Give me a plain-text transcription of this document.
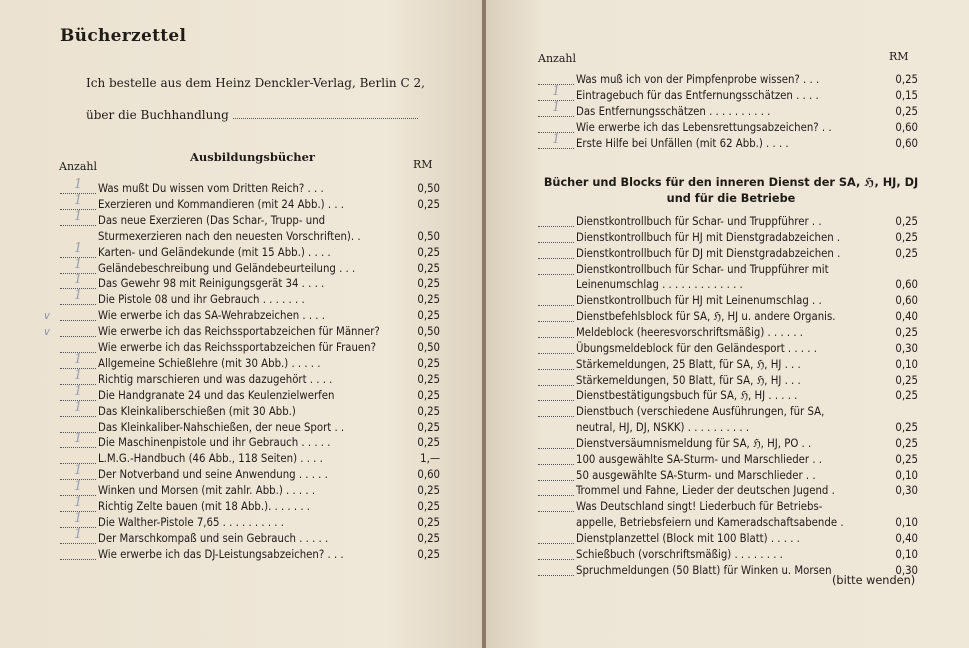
Bücherzettel
Ich bestelle aus dem Heinz Denckler-Verlag, Berlin C 2,
über die Buchhandlung
Anzahl
Ausbildungsbücher
RM
1 Was mußt Du wissen vom Dritten Reich? . . .	0,50
1 Exerzieren und Kommandieren (mit 24 Abb.) . . .	0,25
1 Das neue Exerzieren (Das Schar-, Trupp- und
Sturmexerzieren nach den neuesten Vorschriften). .	0,50
1 Karten- und Geländekunde (mit 15 Abb.) . . . .	0,25
1 Geländebeschreibung und Geländebeurteilung . . .	0,25
1 Das Gewehr 98 mit Reinigungsgerät 34 . . . .	0,25
1 Die Pistole 08 und ihr Gebrauch . . . . . . .	0,25
v	Wie erwerbe ich das SA-Wehrabzeichen . . . .	0,25
v	Wie erwerbe ich das Reichssportabzeichen für Männer?	0,50
Wie erwerbe ich das Reichssportabzeichen für Frauen?	0,50
1 Allgemeine Schießlehre (mit 30 Abb.) . . . . .	0,25
1 Richtig marschieren und was dazugehört . . . .	0,25
1 Die Handgranate 24 und das Keulenzielwerfen	0,25
1 Das Kleinkaliberschießen (mit 30 Abb.)	0,25
Das Kleinkaliber-Nahschießen, der neue Sport . .	0,25
1 Die Maschinenpistole und ihr Gebrauch . . . . .	0,25
L.M.G.-Handbuch (46 Abb., 118 Seiten) . . . .	1,—
1 Der Notverband und seine Anwendung . . . . .	0,60
1 Winken und Morsen (mit zahlr. Abb.) . . . . .	0,25
1 Richtig Zelte bauen (mit 18 Abb.). . . . . . .	0,25
1 Die Walther-Pistole 7,65 . . . . . . . . . .	0,25
1 Der Marschkompaß und sein Gebrauch . . . . .	0,25
Wie erwerbe ich das DJ-Leistungsabzeichen? . . .	0,25
Anzahl	RM
Was muß ich von der Pimpfenprobe wissen? . . .	0,25
1 Eintragebuch für das Entfernungsschätzen . . . .	0,15
1 Das Entfernungsschätzen . . . . . . . . . .	0,25
Wie erwerbe ich das Lebensrettungsabzeichen? . .	0,60
1 Erste Hilfe bei Unfällen (mit 62 Abb.) . . . .	0,60
Bücher und Blocks für den inneren Dienst der SA, ℌ, HJ, DJ
und für die Betriebe
Dienstkontrollbuch für Schar- und Truppführer . .	0,25
Dienstkontrollbuch für HJ mit Dienstgradabzeichen .	0,25
Dienstkontrollbuch für DJ mit Dienstgradabzeichen .	0,25
Dienstkontrollbuch für Schar- und Truppführer mit
Leinenumschlag . . . . . . . . . . . . .	0,60
Dienstkontrollbuch für HJ mit Leinenumschlag . .	0,60
Dienstbefehlsblock für SA, ℌ, HJ u. andere Organis.	0,40
Meldeblock (heeresvorschriftsmäßig) . . . . . .	0,25
Übungsmeldeblock für den Geländesport . . . . .	0,30
Stärkemeldungen, 25 Blatt, für SA, ℌ, HJ . . .	0,10
Stärkemeldungen, 50 Blatt, für SA, ℌ, HJ . . .	0,25
Dienstbestätigungsbuch für SA, ℌ, HJ . . . . .	0,25
Dienstbuch (verschiedene Ausführungen, für SA,
neutral, HJ, DJ, NSKK) . . . . . . . . . .	0,25
Dienstversäumnismeldung für SA, ℌ, HJ, PO . .	0,25
100 ausgewählte SA-Sturm- und Marschlieder . .	0,25
50 ausgewählte SA-Sturm- und Marschlieder . .	0,10
Trommel und Fahne, Lieder der deutschen Jugend .	0,30
Was Deutschland singt! Liederbuch für Betriebs-
appelle, Betriebsfeiern und Kameradschaftsabende .	0,10
Dienstplanzettel (Block mit 100 Blatt) . . . . .	0,40
Schießbuch (vorschriftsmäßig) . . . . . . . .	0,10
Spruchmeldungen (50 Blatt) für Winken u. Morsen	0,30
(bitte wenden)
